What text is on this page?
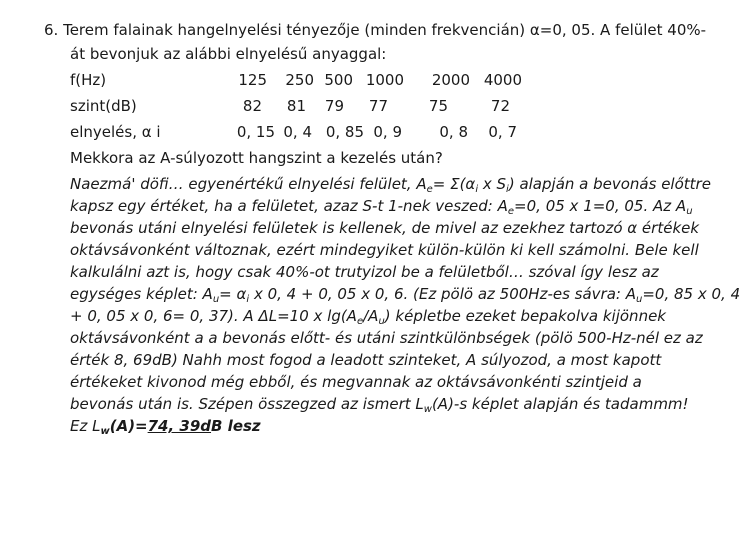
6. Terem falainak hangelnyelési tényezője (minden frekvencián) α=0, 05. A felület 40%-
át bevonjuk az alábbi elnyelésű anyaggal:
f(Hz)	125 250 500 1000 2000 4000
szint(dB)	82 81 79 77	75	72
elnyelés, α i	0, 15 0, 4 0, 85 0, 9 0, 8 0, 7
Mekkora az A-súlyozott hangszint a kezelés után?
Naezmá' döfi… egyenértékű elnyelési felület, $A_e= \Sigma(\alpha_i$ x $S_i$) alapján a bevonás előttre
kapsz egy értéket, ha a felületet, azaz S-t 1-nek veszed: $A_e=0$, 05 x 1=0, 05. Az $A_u$
bevonás utáni elnyelési felületek is kellenek, de mivel az ezekhez tartozó α értékek
oktávsávonként változnak, ezért mindegyiket külön-külön ki kell számolni. Bele kell
kalkulálni azt is, hogy csak 40%-ot trutyizol be a felületből… szóval így lesz az
egységes képlet: $A_u= \alpha_i$ x 0, 4 + 0, 05 x 0, 6. (Ez pölö az 500Hz-es sávra: $A_u=0$, 85 x 0, 4
+ 0, 05 x 0, 6= 0, 37). A ΔL=10 x $\lg(A_e/A_u)$ képletbe ezeket bepakolva kijönnek
oktávsávonként a a bevonás előtt- és utáni szintkülönbségek (pölö 500-Hz-nél ez az
érték 8, 69dB) Nahh most fogod a leadott szinteket, A súlyozod, a most kapott
értékeket kivonod még ebből, és megvannak az oktávsávonkénti szintjeid a
bevonás után is. Szépen összegzed az ismert $L_w(A)-s$ képlet alapján és tadammm!
Ez $L_w(A)=74$, 39dB lesz
